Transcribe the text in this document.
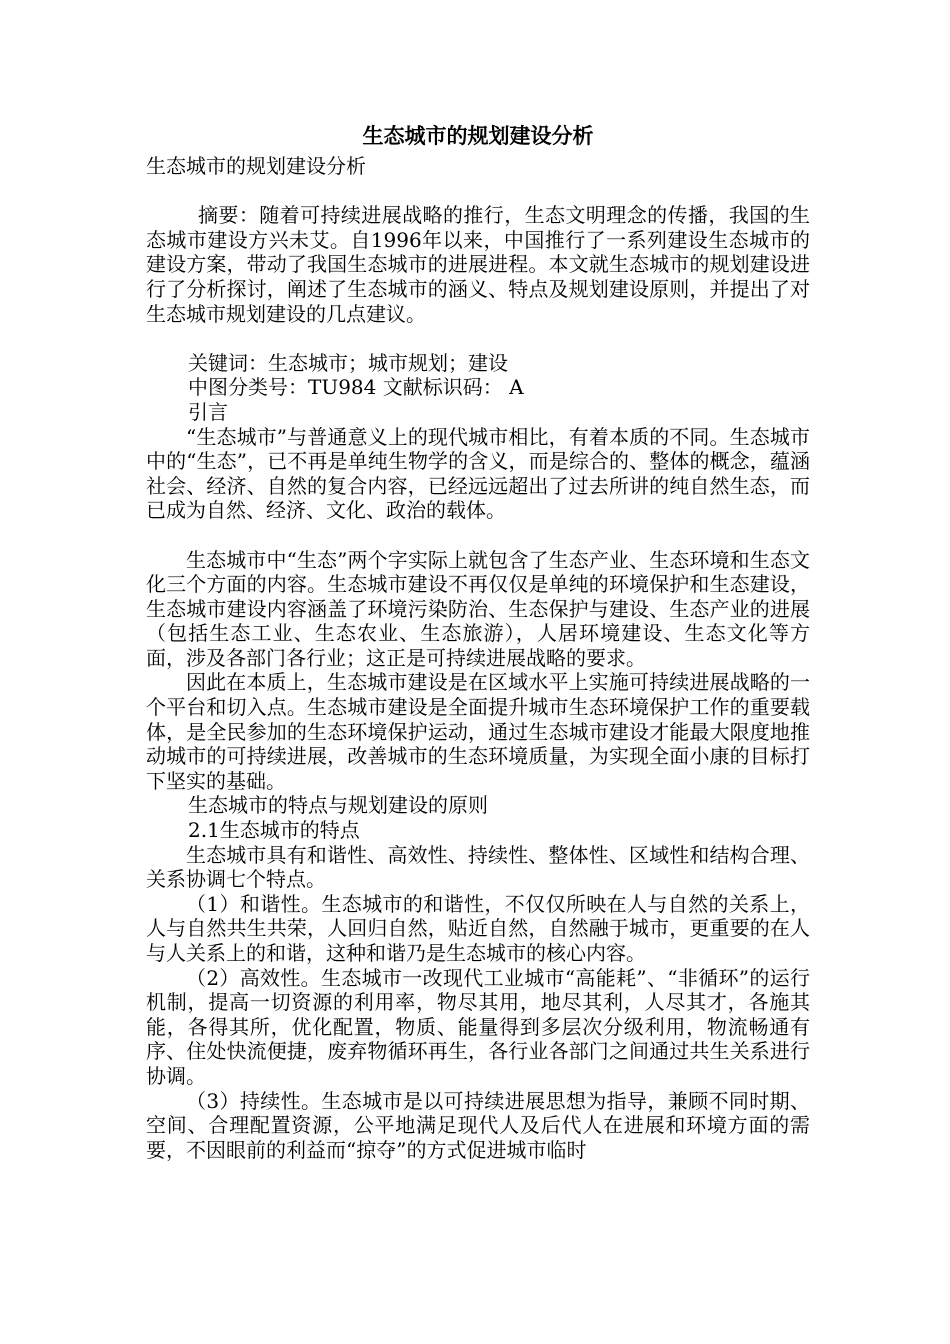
生态城市的规划建设分析

生态城市的规划建设分析

摘要：随着可持续进展战略的推行，生态文明理念的传播，我国的生态城市建设方兴未艾。自1996年以来，中国推行了一系列建设生态城市的建设方案，带动了我国生态城市的进展进程。本文就生态城市的规划建设进行了分析探讨，阐述了生态城市的涵义、特点及规划建设原则，并提出了对生态城市规划建设的几点建议。

关键词：生态城市；城市规划；建设

中图分类号：TU984 文献标识码： A

引言

“生态城市”与普通意义上的现代城市相比，有着本质的不同。生态城市中的“生态”，已不再是单纯生物学的含义，而是综合的、整体的概念，蕴涵社会、经济、自然的复合内容，已经远远超出了过去所讲的纯自然生态，而已成为自然、经济、文化、政治的载体。

生态城市中“生态”两个字实际上就包含了生态产业、生态环境和生态文化三个方面的内容。生态城市建设不再仅仅是单纯的环境保护和生态建设，生态城市建设内容涵盖了环境污染防治、生态保护与建设、生态产业的进展（包括生态工业、生态农业、生态旅游），人居环境建设、生态文化等方面，涉及各部门各行业；这正是可持续进展战略的要求。

因此在本质上，生态城市建设是在区域水平上实施可持续进展战略的一个平台和切入点。生态城市建设是全面提升城市生态环境保护工作的重要载体，是全民参加的生态环境保护运动，通过生态城市建设才能最大限度地推动城市的可持续进展，改善城市的生态环境质量，为实现全面小康的目标打下坚实的基础。

生态城市的特点与规划建设的原则

2.1生态城市的特点

生态城市具有和谐性、高效性、持续性、整体性、区域性和结构合理、关系协调七个特点。

（1）和谐性。生态城市的和谐性，不仅仅所映在人与自然的关系上，人与自然共生共荣，人回归自然，贴近自然，自然融于城市，更重要的在人与人关系上的和谐，这种和谐乃是生态城市的核心内容。

（2）高效性。生态城市一改现代工业城市“高能耗”、“非循环”的运行机制，提高一切资源的利用率，物尽其用，地尽其利，人尽其才，各施其能，各得其所，优化配置，物质、能量得到多层次分级利用，物流畅通有序、住处快流便捷，废弃物循环再生，各行业各部门之间通过共生关系进行协调。

（3）持续性。生态城市是以可持续进展思想为指导，兼顾不同时期、空间、合理配置资源，公平地满足现代人及后代人在进展和环境方面的需要，不因眼前的利益而“掠夺”的方式促进城市临时
